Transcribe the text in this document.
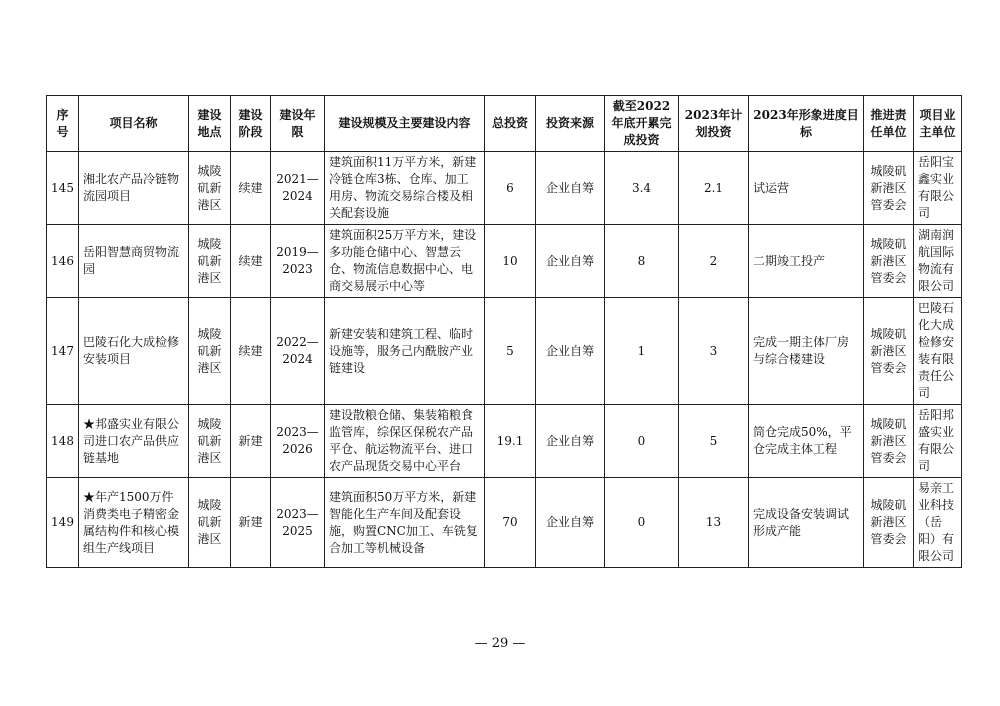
序号	项目名称	建设地点	建设阶段	建设年限	建设规模及主要建设内容	总投资	投资来源	截至2022年底开累完成投资	2023年计划投资	2023年形象进度目标	推进责任单位	项目业主单位
145	湘北农产品冷链物流园项目	城陵矶新港区	续建	2021—2024	建筑面积11万平方米，新建冷链仓库3栋、仓库、加工用房、物流交易综合楼及相关配套设施	6	企业自筹	3.4	2.1	试运营	城陵矶新港区管委会	岳阳宝鑫实业有限公司
146	岳阳智慧商贸物流园	城陵矶新港区	续建	2019—2023	建筑面积25万平方米，建设多功能仓储中心、智慧云仓、物流信息数据中心、电商交易展示中心等	10	企业自筹	8	2	二期竣工投产	城陵矶新港区管委会	湖南润航国际物流有限公司
147	巴陵石化大成检修安装项目	城陵矶新港区	续建	2022—2024	新建安装和建筑工程、临时设施等，服务己内酰胺产业链建设	5	企业自筹	1	3	完成一期主体厂房与综合楼建设	城陵矶新港区管委会	巴陵石化大成检修安装有限责任公司
148	★邦盛实业有限公司进口农产品供应链基地	城陵矶新港区	新建	2023—2026	建设散粮仓储、集装箱粮食监管库，综保区保税农产品平仓、航运物流平台、进口农产品现货交易中心平台	19.1	企业自筹	0	5	筒仓完成50%，平仓完成主体工程	城陵矶新港区管委会	岳阳邦盛实业有限公司
149	★年产1500万件消费类电子精密金属结构件和核心模组生产线项目	城陵矶新港区	新建	2023—2025	建筑面积50万平方米，新建智能化生产车间及配套设施，购置CNC加工、车铣复合加工等机械设备	70	企业自筹	0	13	完成设备安装调试形成产能	城陵矶新港区管委会	易亲工业科技（岳阳）有限公司
— 29 —
